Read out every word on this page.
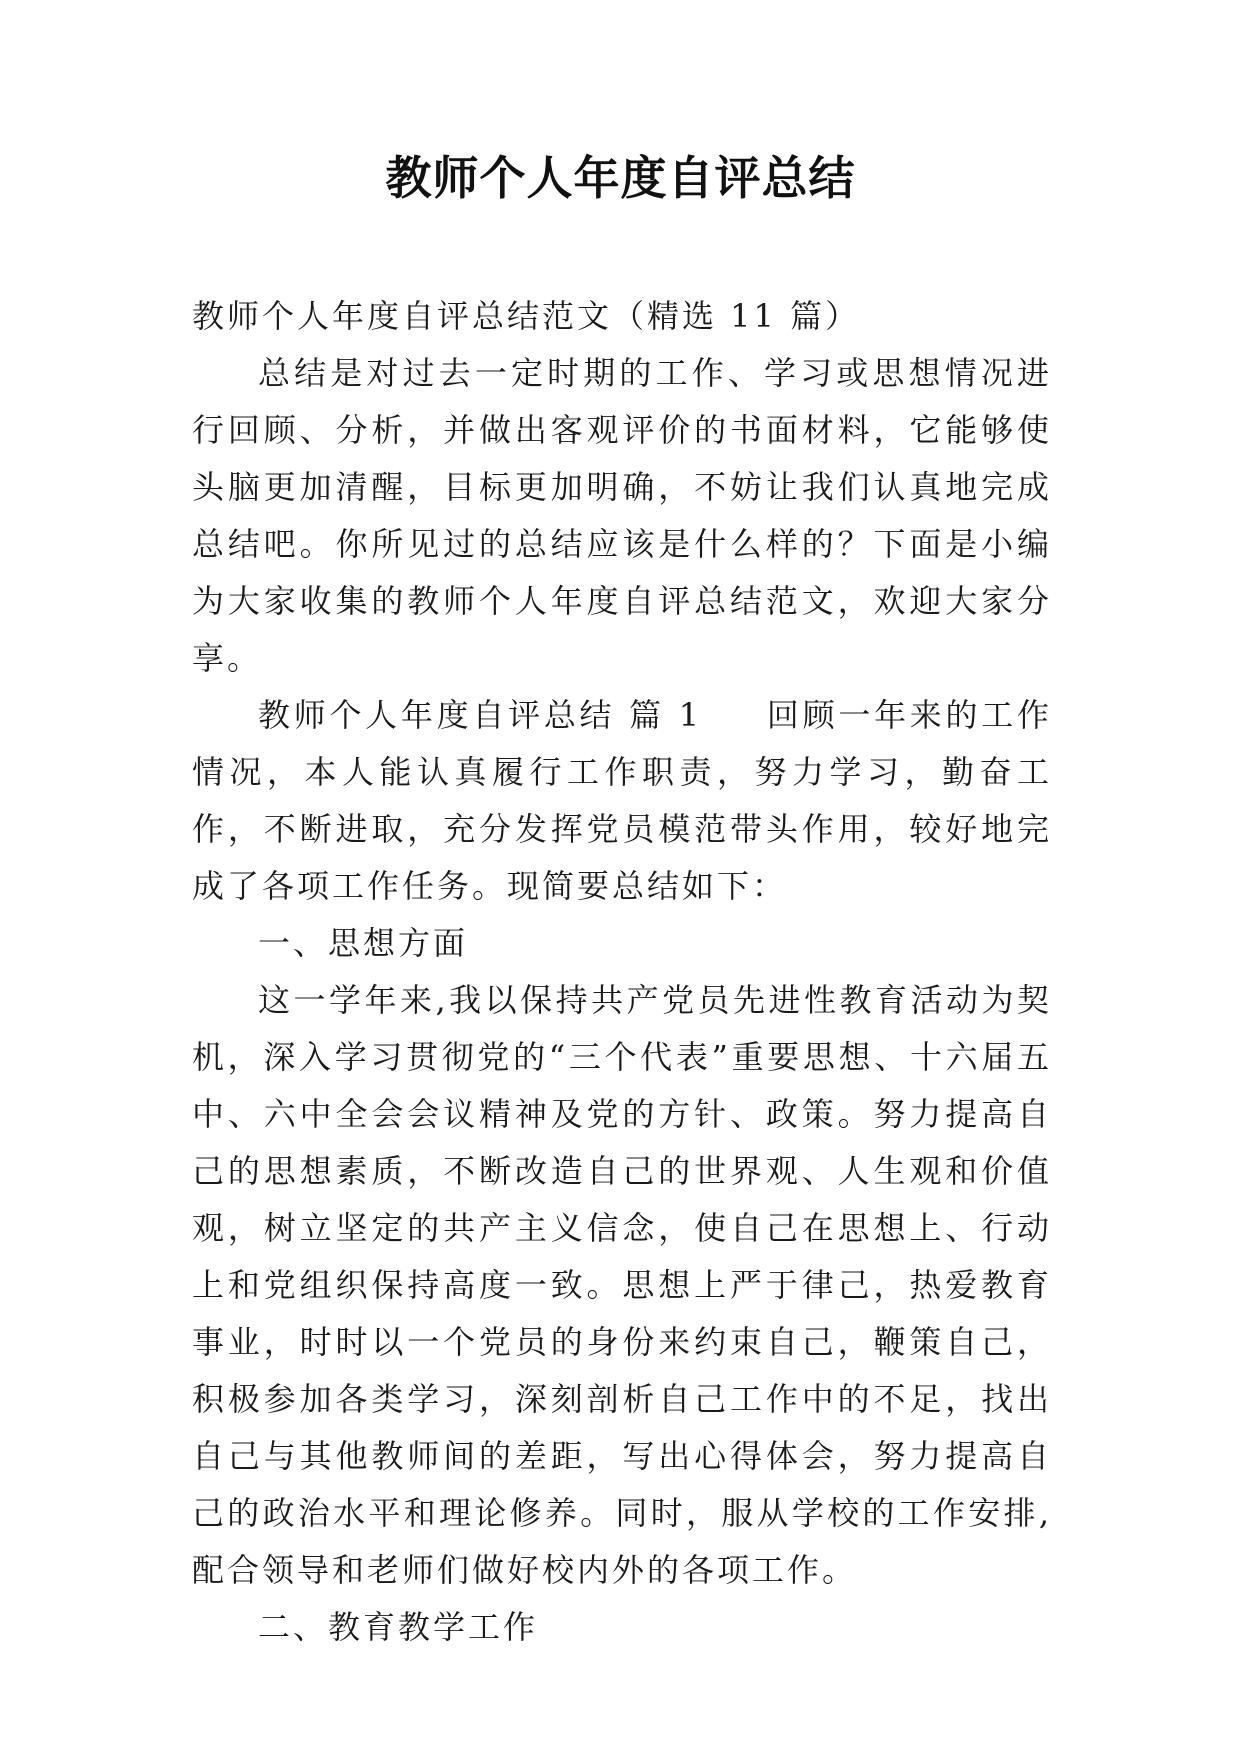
教师个人年度自评总结

教师个人年度自评总结范文（精选 11 篇）

总结是对过去一定时期的工作、学习或思想情况进行回顾、分析，并做出客观评价的书面材料，它能够使头脑更加清醒，目标更加明确，不妨让我们认真地完成总结吧。你所见过的总结应该是什么样的？下面是小编为大家收集的教师个人年度自评总结范文，欢迎大家分享。

教师个人年度自评总结 篇 1 回顾一年来的工作情况，本人能认真履行工作职责，努力学习，勤奋工作，不断进取，充分发挥党员模范带头作用，较好地完成了各项工作任务。现简要总结如下：

一、思想方面

这一学年来,我以保持共产党员先进性教育活动为契机，深入学习贯彻党的“三个代表”重要思想、十六届五中、六中全会会议精神及党的方针、政策。努力提高自己的思想素质，不断改造自己的世界观、人生观和价值观，树立坚定的共产主义信念，使自己在思想上、行动上和党组织保持高度一致。思想上严于律己，热爱教育事业，时时以一个党员的身份来约束自己，鞭策自己，积极参加各类学习，深刻剖析自己工作中的不足，找出自己与其他教师间的差距，写出心得体会，努力提高自己的政治水平和理论修养。同时，服从学校的工作安排,配合领导和老师们做好校内外的各项工作。

二、教育教学工作
